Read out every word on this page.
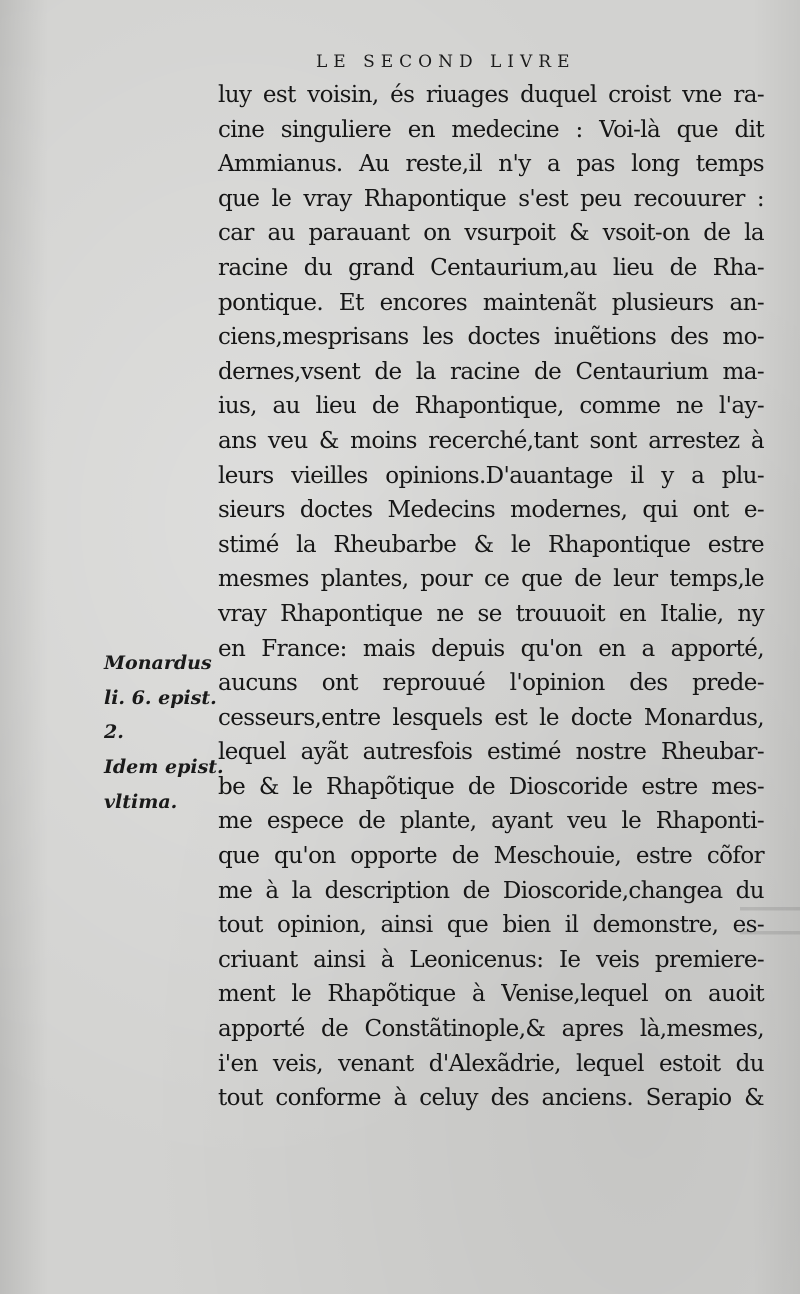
LE SECOND LIVRE
luy est voisin, és riuages duquel croist vne ra-
cine singuliere en medecine : Voi-là que dit
Ammianus. Au reste,il n'y a pas long temps
que le vray Rhapontique s'est peu recouurer :
car au parauant on vsurpoit & vsoit-on de la
racine du grand Centaurium,au lieu de Rha-
pontique. Et encores maintenãt plusieurs an-
ciens,mesprisans les doctes inuẽtions des mo-
dernes,vsent de la racine de Centaurium ma-
ius, au lieu de Rhapontique, comme ne l'ay-
ans veu & moins recerché,tant sont arrestez à
leurs vieilles opinions.D'auantage il y a plu-
sieurs doctes Medecins modernes, qui ont e-
stimé la Rheubarbe & le Rhapontique estre
mesmes plantes, pour ce que de leur temps,le
vray Rhapontique ne se trouuoit en Italie, ny
en France: mais depuis qu'on en a apporté,
aucuns ont reprouué l'opinion des prede-
cesseurs,entre lesquels est le docte Monardus,
lequel ayãt autresfois estimé nostre Rheubar-
be & le Rhapõtique de Dioscoride estre mes-
me espece de plante, ayant veu le Rhaponti-
que qu'on opporte de Meschouie, estre cõfor
me à la description de Dioscoride,changea du
tout opinion, ainsi que bien il demonstre, es-
criuant ainsi à Leonicenus: Ie veis premiere-
ment le Rhapõtique à Venise,lequel on auoit
apporté de Constãtinople,& apres là,mesmes,
i'en veis, venant d'Alexãdrie, lequel estoit du
tout conforme à celuy des anciens. Serapio &
Monardus
li. 6. epist.
2.
Idem epist.
vltima.
